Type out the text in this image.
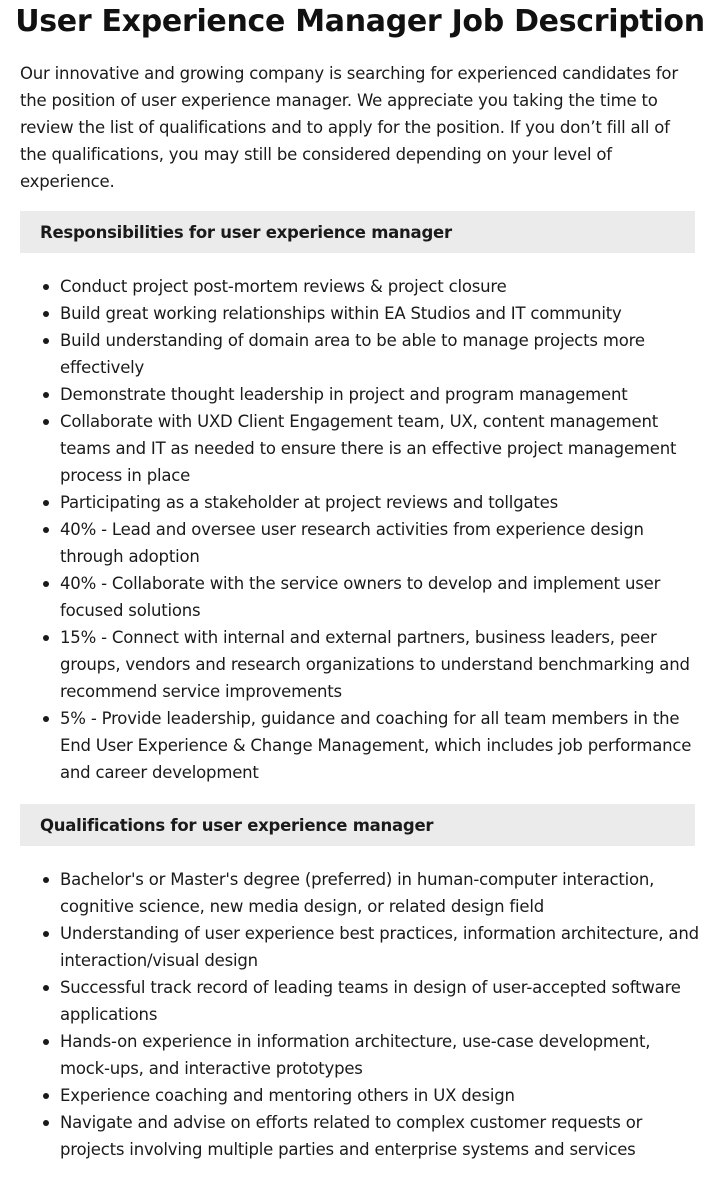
User Experience Manager Job Description

Our innovative and growing company is searching for experienced candidates for the position of user experience manager. We appreciate you taking the time to review the list of qualifications and to apply for the position. If you don’t fill all of the qualifications, you may still be considered depending on your level of experience.

Responsibilities for user experience manager
Conduct project post-mortem reviews & project closure
Build great working relationships within EA Studios and IT community
Build understanding of domain area to be able to manage projects more effectively
Demonstrate thought leadership in project and program management
Collaborate with UXD Client Engagement team, UX, content management teams and IT as needed to ensure there is an effective project management process in place
Participating as a stakeholder at project reviews and tollgates
40% - Lead and oversee user research activities from experience design through adoption
40% - Collaborate with the service owners to develop and implement user focused solutions
15% - Connect with internal and external partners, business leaders, peer groups, vendors and research organizations to understand benchmarking and recommend service improvements
5% - Provide leadership, guidance and coaching for all team members in the End User Experience & Change Management, which includes job performance and career development
Qualifications for user experience manager
Bachelor's or Master's degree (preferred) in human-computer interaction, cognitive science, new media design, or related design field
Understanding of user experience best practices, information architecture, and interaction/visual design
Successful track record of leading teams in design of user-accepted software applications
Hands-on experience in information architecture, use-case development, mock-ups, and interactive prototypes
Experience coaching and mentoring others in UX design
Navigate and advise on efforts related to complex customer requests or projects involving multiple parties and enterprise systems and services
